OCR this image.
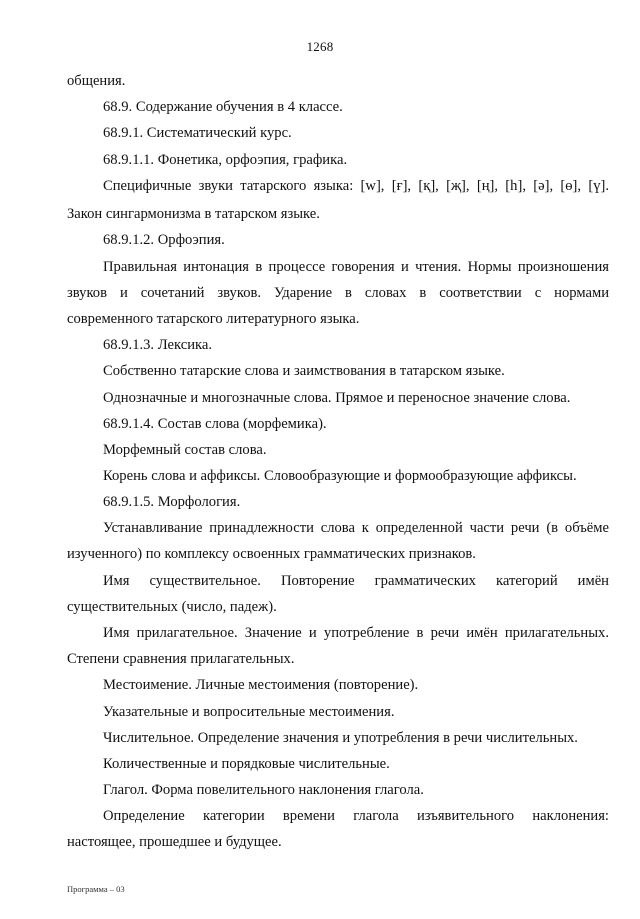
1268
общения.
68.9. Содержание обучения в 4 классе.
68.9.1. Систематический курс.
68.9.1.1. Фонетика, орфоэпия, графика.
Специфичные звуки татарского языка: [w], [ғ], [қ], [җ], [ң], [һ], [ә], [ө], [ү].
Закон сингармонизма в татарском языке.
68.9.1.2. Орфоэпия.
Правильная интонация в процессе говорения и чтения. Нормы произношения
звуков и сочетаний звуков. Ударение в словах в соответствии с нормами
современного татарского литературного языка.
68.9.1.3. Лексика.
Собственно татарские слова и заимствования в татарском языке.
Однозначные и многозначные слова. Прямое и переносное значение слова.
68.9.1.4. Состав слова (морфемика).
Морфемный состав слова.
Корень слова и аффиксы. Словообразующие и формообразующие аффиксы.
68.9.1.5. Морфология.
Устанавливание принадлежности слова к определенной части речи (в объёме
изученного) по комплексу освоенных грамматических признаков.
Имя существительное. Повторение грамматических категорий имён
существительных (число, падеж).
Имя прилагательное. Значение и употребление в речи имён прилагательных.
Степени сравнения прилагательных.
Местоимение. Личные местоимения (повторение).
Указательные и вопросительные местоимения.
Числительное. Определение значения и употребления в речи числительных.
Количественные и порядковые числительные.
Глагол. Форма повелительного наклонения глагола.
Определение категории времени глагола изъявительного наклонения:
настоящее, прошедшее и будущее.
Программа – 03
